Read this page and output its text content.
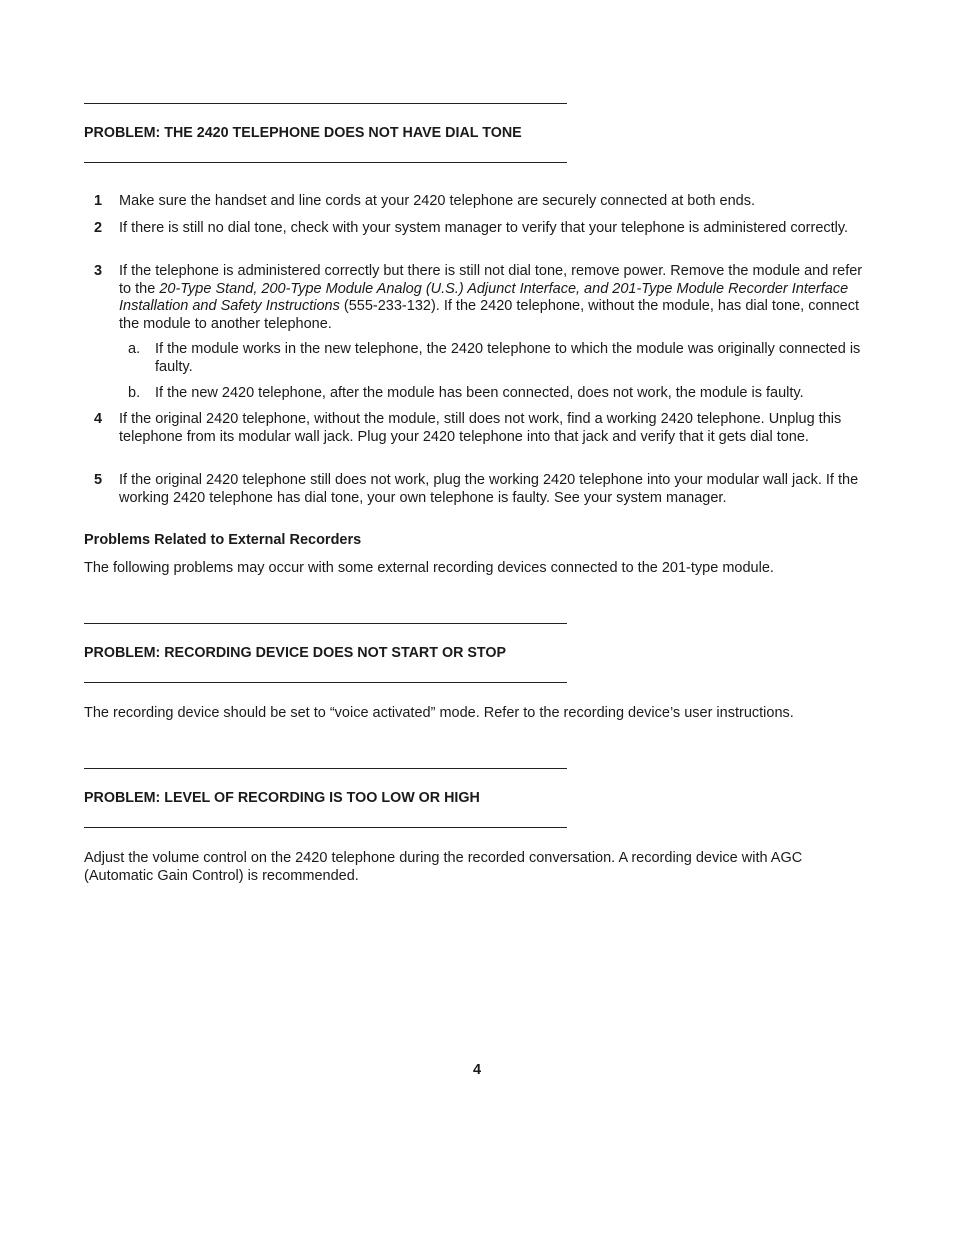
PROBLEM: THE 2420 TELEPHONE DOES NOT HAVE DIAL TONE
1 Make sure the handset and line cords at your 2420 telephone are securely connected at both ends.
2 If there is still no dial tone, check with your system manager to verify that your telephone is administered correctly.
3 If the telephone is administered correctly but there is still not dial tone, remove power. Remove the module and refer to the 20-Type Stand, 200-Type Module Analog (U.S.) Adjunct Interface, and 201-Type Module Recorder Interface Installation and Safety Instructions (555-233-132). If the 2420 telephone, without the module, has dial tone, connect the module to another telephone.
a. If the module works in the new telephone, the 2420 telephone to which the module was originally connected is faulty.
b. If the new 2420 telephone, after the module has been connected, does not work, the module is faulty.
4 If the original 2420 telephone, without the module, still does not work, find a working 2420 telephone. Unplug this telephone from its modular wall jack. Plug your 2420 telephone into that jack and verify that it gets dial tone.
5 If the original 2420 telephone still does not work, plug the working 2420 telephone into your modular wall jack. If the working 2420 telephone has dial tone, your own telephone is faulty. See your system manager.
Problems Related to External Recorders
The following problems may occur with some external recording devices connected to the 201-type module.
PROBLEM: RECORDING DEVICE DOES NOT START OR STOP
The recording device should be set to “voice activated” mode. Refer to the recording device’s user instructions.
PROBLEM: LEVEL OF RECORDING IS TOO LOW OR HIGH
Adjust the volume control on the 2420 telephone during the recorded conversation. A recording device with AGC (Automatic Gain Control) is recommended.
4
